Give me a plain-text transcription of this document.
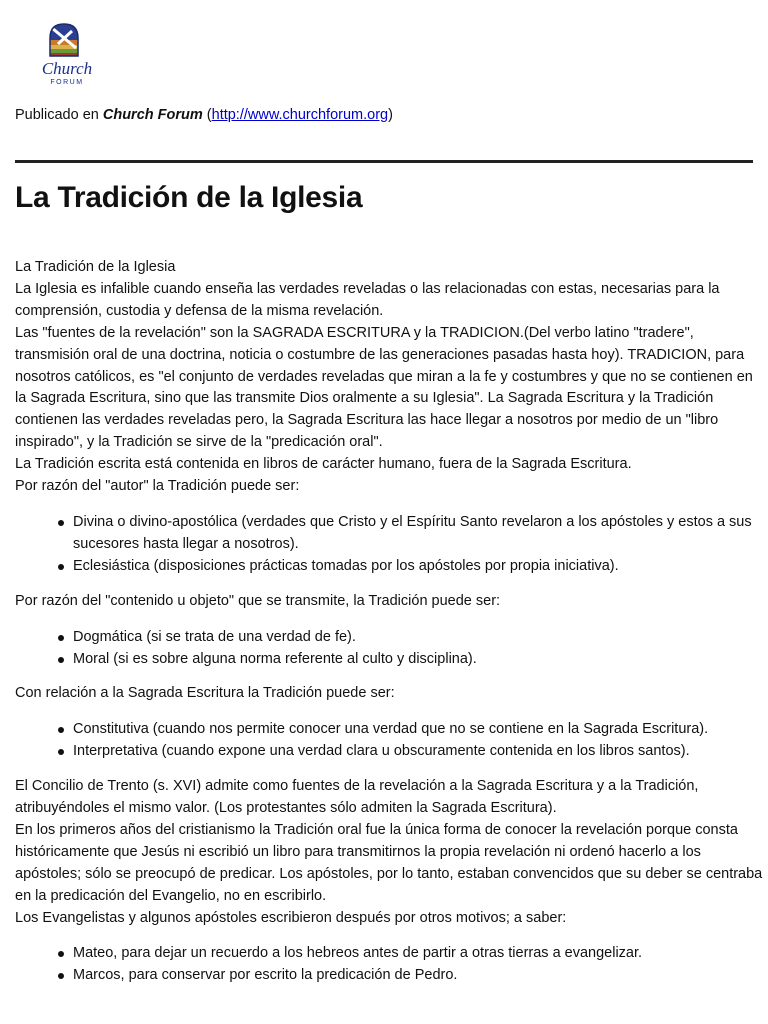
Church
FORUM
Publicado en Church Forum (http://www.churchforum.org)
La Tradición de la Iglesia

La Tradición de la Iglesia

La Iglesia es infalible cuando enseña las verdades reveladas o las relacionadas con estas, necesarias para la comprensión, custodia y defensa de la misma revelación.

Las "fuentes de la revelación" son la SAGRADA ESCRITURA y la TRADICION.(Del verbo latino "tradere", transmisión oral de una doctrina, noticia o costumbre de las generaciones pasadas hasta hoy). TRADICION, para nosotros católicos, es "el conjunto de verdades reveladas que miran a la fe y costumbres y que no se contienen en la Sagrada Escritura, sino que las transmite Dios oralmente a su Iglesia". La Sagrada Escritura y la Tradición contienen las verdades reveladas pero, la Sagrada Escritura las hace llegar a nosotros por medio de un "libro inspirado", y la Tradición se sirve de la "predicación oral".

La Tradición escrita está contenida en libros de carácter humano, fuera de la Sagrada Escritura.

Por razón del "autor" la Tradición puede ser:

Divina o divino-apostólica (verdades que Cristo y el Espíritu Santo revelaron a los apóstoles y estos a sus sucesores hasta llegar a nosotros).
Eclesiástica (disposiciones prácticas tomadas por los apóstoles por propia iniciativa).

Por razón del "contenido u objeto" que se transmite, la Tradición puede ser:

Dogmática (si se trata de una verdad de fe).
Moral (si es sobre alguna norma referente al culto y disciplina).

Con relación a la Sagrada Escritura la Tradición puede ser:

Constitutiva (cuando nos permite conocer una verdad que no se contiene en la Sagrada Escritura).
Interpretativa (cuando expone una verdad clara u obscuramente contenida en los libros santos).

El Concilio de Trento (s. XVI) admite como fuentes de la revelación a la Sagrada Escritura y a la Tradición, atribuyéndoles el mismo valor. (Los protestantes sólo admiten la Sagrada Escritura).

En los primeros años del cristianismo la Tradición oral fue la única forma de conocer la revelación porque consta históricamente que Jesús ni escribió un libro para transmitirnos la propia revelación ni ordenó hacerlo a los apóstoles; sólo se preocupó de predicar. Los apóstoles, por lo tanto, estaban convencidos que su deber se centraba en la predicación del Evangelio, no en escribirlo.

Los Evangelistas y algunos apóstoles escribieron después por otros motivos; a saber:

Mateo, para dejar un recuerdo a los hebreos antes de partir a otras tierras a evangelizar.
Marcos, para conservar por escrito la predicación de Pedro.
